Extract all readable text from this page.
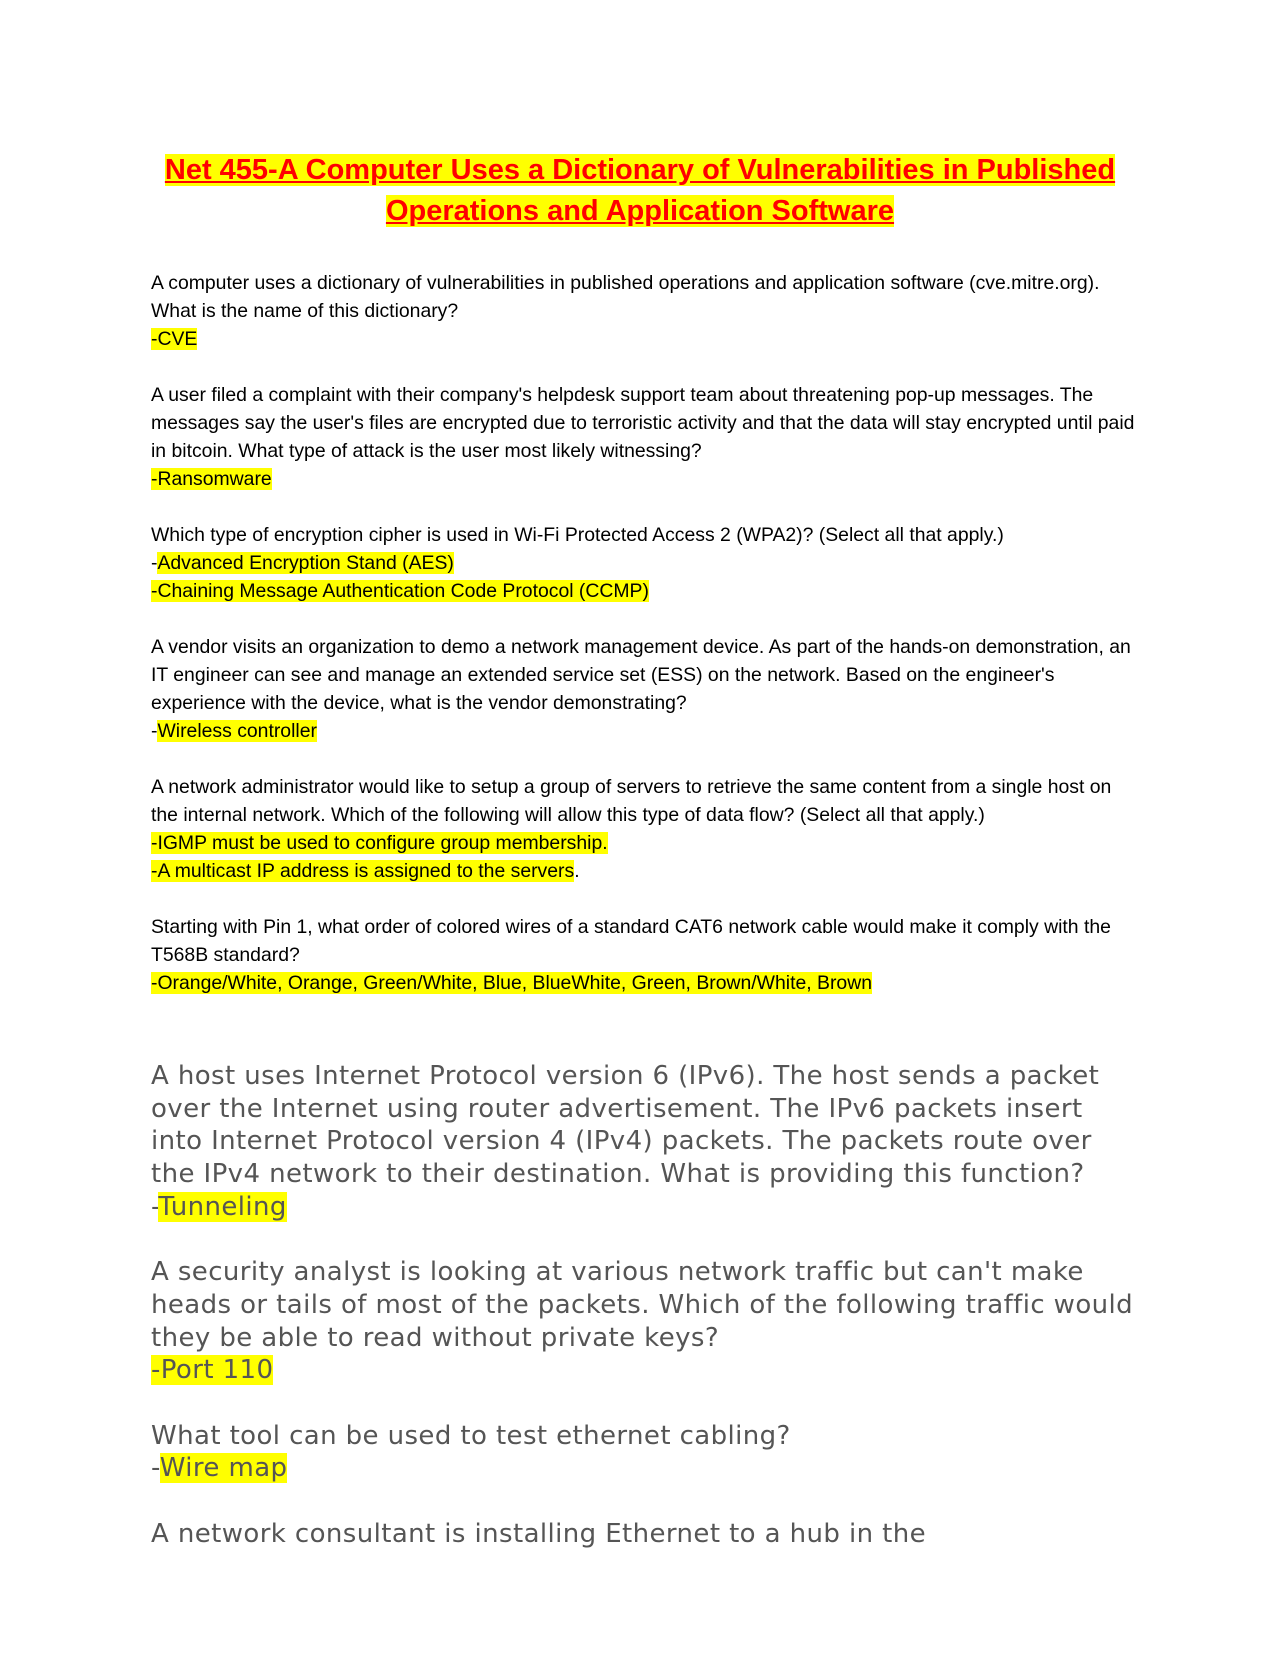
Net 455-A Computer Uses a Dictionary of Vulnerabilities in Published Operations and Application Software

A computer uses a dictionary of vulnerabilities in published operations and application software (cve.mitre.org). What is the name of this dictionary?

-CVE

A user filed a complaint with their company's helpdesk support team about threatening pop-up messages. The messages say the user's files are encrypted due to terroristic activity and that the data will stay encrypted until paid in bitcoin. What type of attack is the user most likely witnessing?

-Ransomware

Which type of encryption cipher is used in Wi-Fi Protected Access 2 (WPA2)? (Select all that apply.)

-Advanced Encryption Stand (AES)

-Chaining Message Authentication Code Protocol (CCMP)

A vendor visits an organization to demo a network management device. As part of the hands-on demonstration, an IT engineer can see and manage an extended service set (ESS) on the network. Based on the engineer's experience with the device, what is the vendor demonstrating?

-Wireless controller

A network administrator would like to setup a group of servers to retrieve the same content from a single host on the internal network. Which of the following will allow this type of data flow? (Select all that apply.)

-IGMP must be used to configure group membership.

-A multicast IP address is assigned to the servers.

Starting with Pin 1, what order of colored wires of a standard CAT6 network cable would make it comply with the T568B standard?

-Orange/White, Orange, Green/White, Blue, BlueWhite, Green, Brown/White, Brown

A host uses Internet Protocol version 6 (IPv6). The host sends a packet over the Internet using router advertisement. The IPv6 packets insert into Internet Protocol version 4 (IPv4) packets. The packets route over the IPv4 network to their destination. What is providing this function?

-Tunneling

A security analyst is looking at various network traffic but can't make heads or tails of most of the packets. Which of the following traffic would they be able to read without private keys?

-Port 110

What tool can be used to test ethernet cabling?

-Wire map

A network consultant is installing Ethernet to a hub in the
